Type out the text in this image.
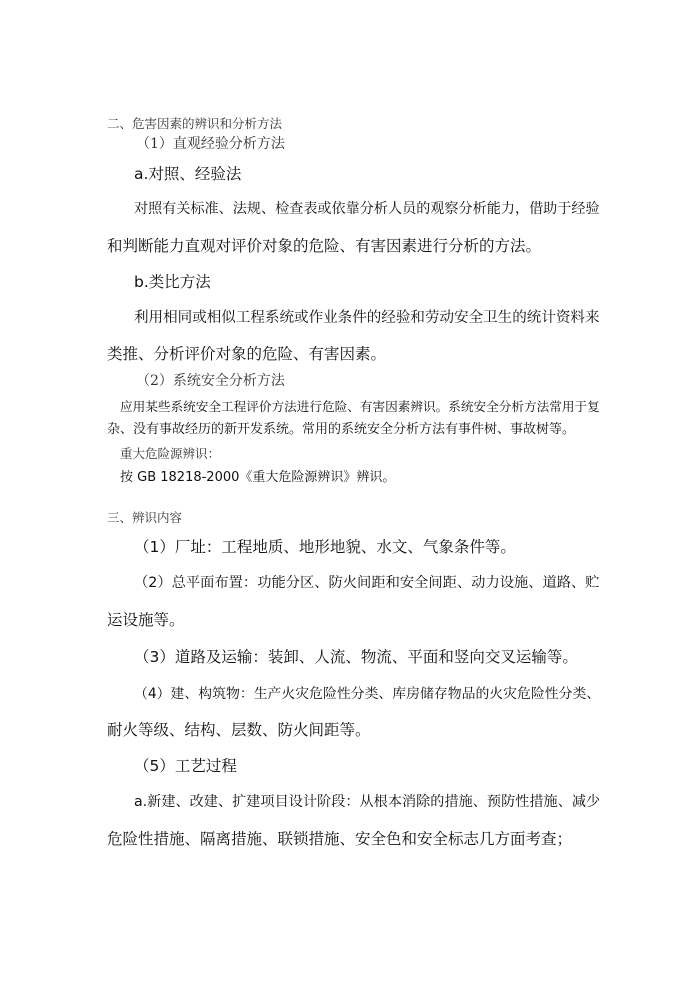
二、危害因素的辨识和分析方法
（1）直观经验分析方法
a.对照、经验法
对照有关标准、法规、检查表或依靠分析人员的观察分析能力，借助于经验
和判断能力直观对评价对象的危险、有害因素进行分析的方法。
b.类比方法
利用相同或相似工程系统或作业条件的经验和劳动安全卫生的统计资料来
类推、分析评价对象的危险、有害因素。
（2）系统安全分析方法
应用某些系统安全工程评价方法进行危险、有害因素辨识。系统安全分析方法常用于复
杂、没有事故经历的新开发系统。常用的系统安全分析方法有事件树、事故树等。
重大危险源辨识：
按 GB 18218-2000《重大危险源辨识》辨识。
三、辨识内容
（1）厂址：工程地质、地形地貌、水文、气象条件等。
（2）总平面布置：功能分区、防火间距和安全间距、动力设施、道路、贮
运设施等。
（3）道路及运输：装卸、人流、物流、平面和竖向交叉运输等。
（4）建、构筑物：生产火灾危险性分类、库房储存物品的火灾危险性分类、
耐火等级、结构、层数、防火间距等。
（5）工艺过程
a.新建、改建、扩建项目设计阶段：从根本消除的措施、预防性措施、减少
危险性措施、隔离措施、联锁措施、安全色和安全标志几方面考查；
